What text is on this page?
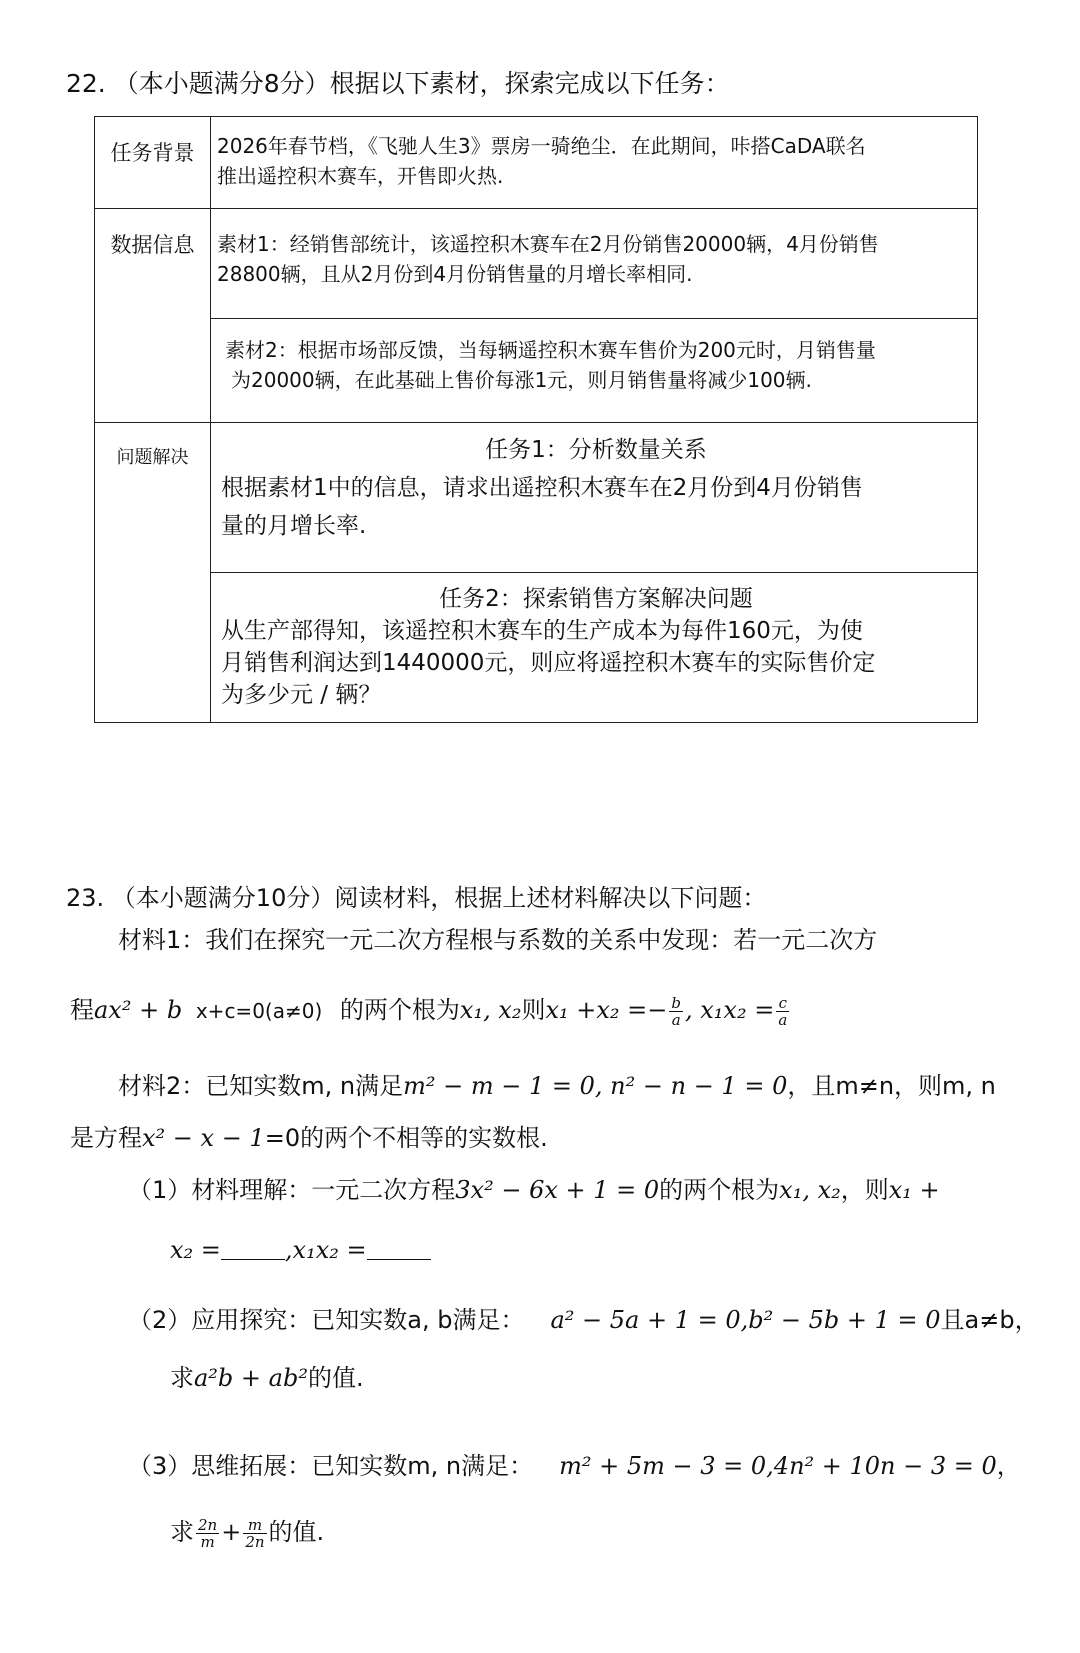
22. （本小题满分8分）根据以下素材，探索完成以下任务：
任务背景	2026年春节档，《飞驰人生3》票房一骑绝尘．在此期间，咔搭CaDA联名
推出遥控积木赛车，开售即火热.

数据信息	素材1：经销售部统计，该遥控积木赛车在2月份销售20000辆，4月份销售
28800辆，且从2月份到4月份销售量的月增长率相同.

	素材2：根据市场部反馈，当每辆遥控积木赛车售价为200元时，月销售量
为20000辆，在此基础上售价每涨1元，则月销售量将减少100辆.

问题解决	任务1：分析数量关系
根据素材1中的信息，请求出遥控积木赛车在2月份到4月份销售
量的月增长率.

	任务2：探索销售方案解决问题
从生产部得知，该遥控积木赛车的生产成本为每件160元，为使
月销售利润达到1440000元，则应将遥控积木赛车的实际售价定
为多少元 / 辆？
23. （本小题满分10分）阅读材料，根据上述材料解决以下问题：
材料1：我们在探究一元二次方程根与系数的关系中发现：若一元二次方
程ax² + b x+c=0(a≠0) 的两个根为x₁, x₂则$x_1 +x_2 =- \frac{b}{a}$ , $x_1x_2 = \frac{c}{a}$
材料2：已知实数m, n满足m² − m − 1 = 0, n² − n − 1 = 0，且m≠n，则m, n
是方程x² − x − 1=0的两个不相等的实数根.
（1）材料理解：一元二次方程3x² − 6x + 1 = 0的两个根为x₁, x₂，则x₁ +
x₂ =	,x₁x₂ =
（2）应用探究：已知实数a, b满足： a² − 5a + 1 = 0,b² − 5b + 1 = 0且a≠b，
求a²b + ab²的值.
（3）思维拓展：已知实数m, n满足： m² + 5m − 3 = 0,4n² + 10n − 3 = 0，
求 $\frac{2n}{m} + \frac{m}{2n}$ 的值.
